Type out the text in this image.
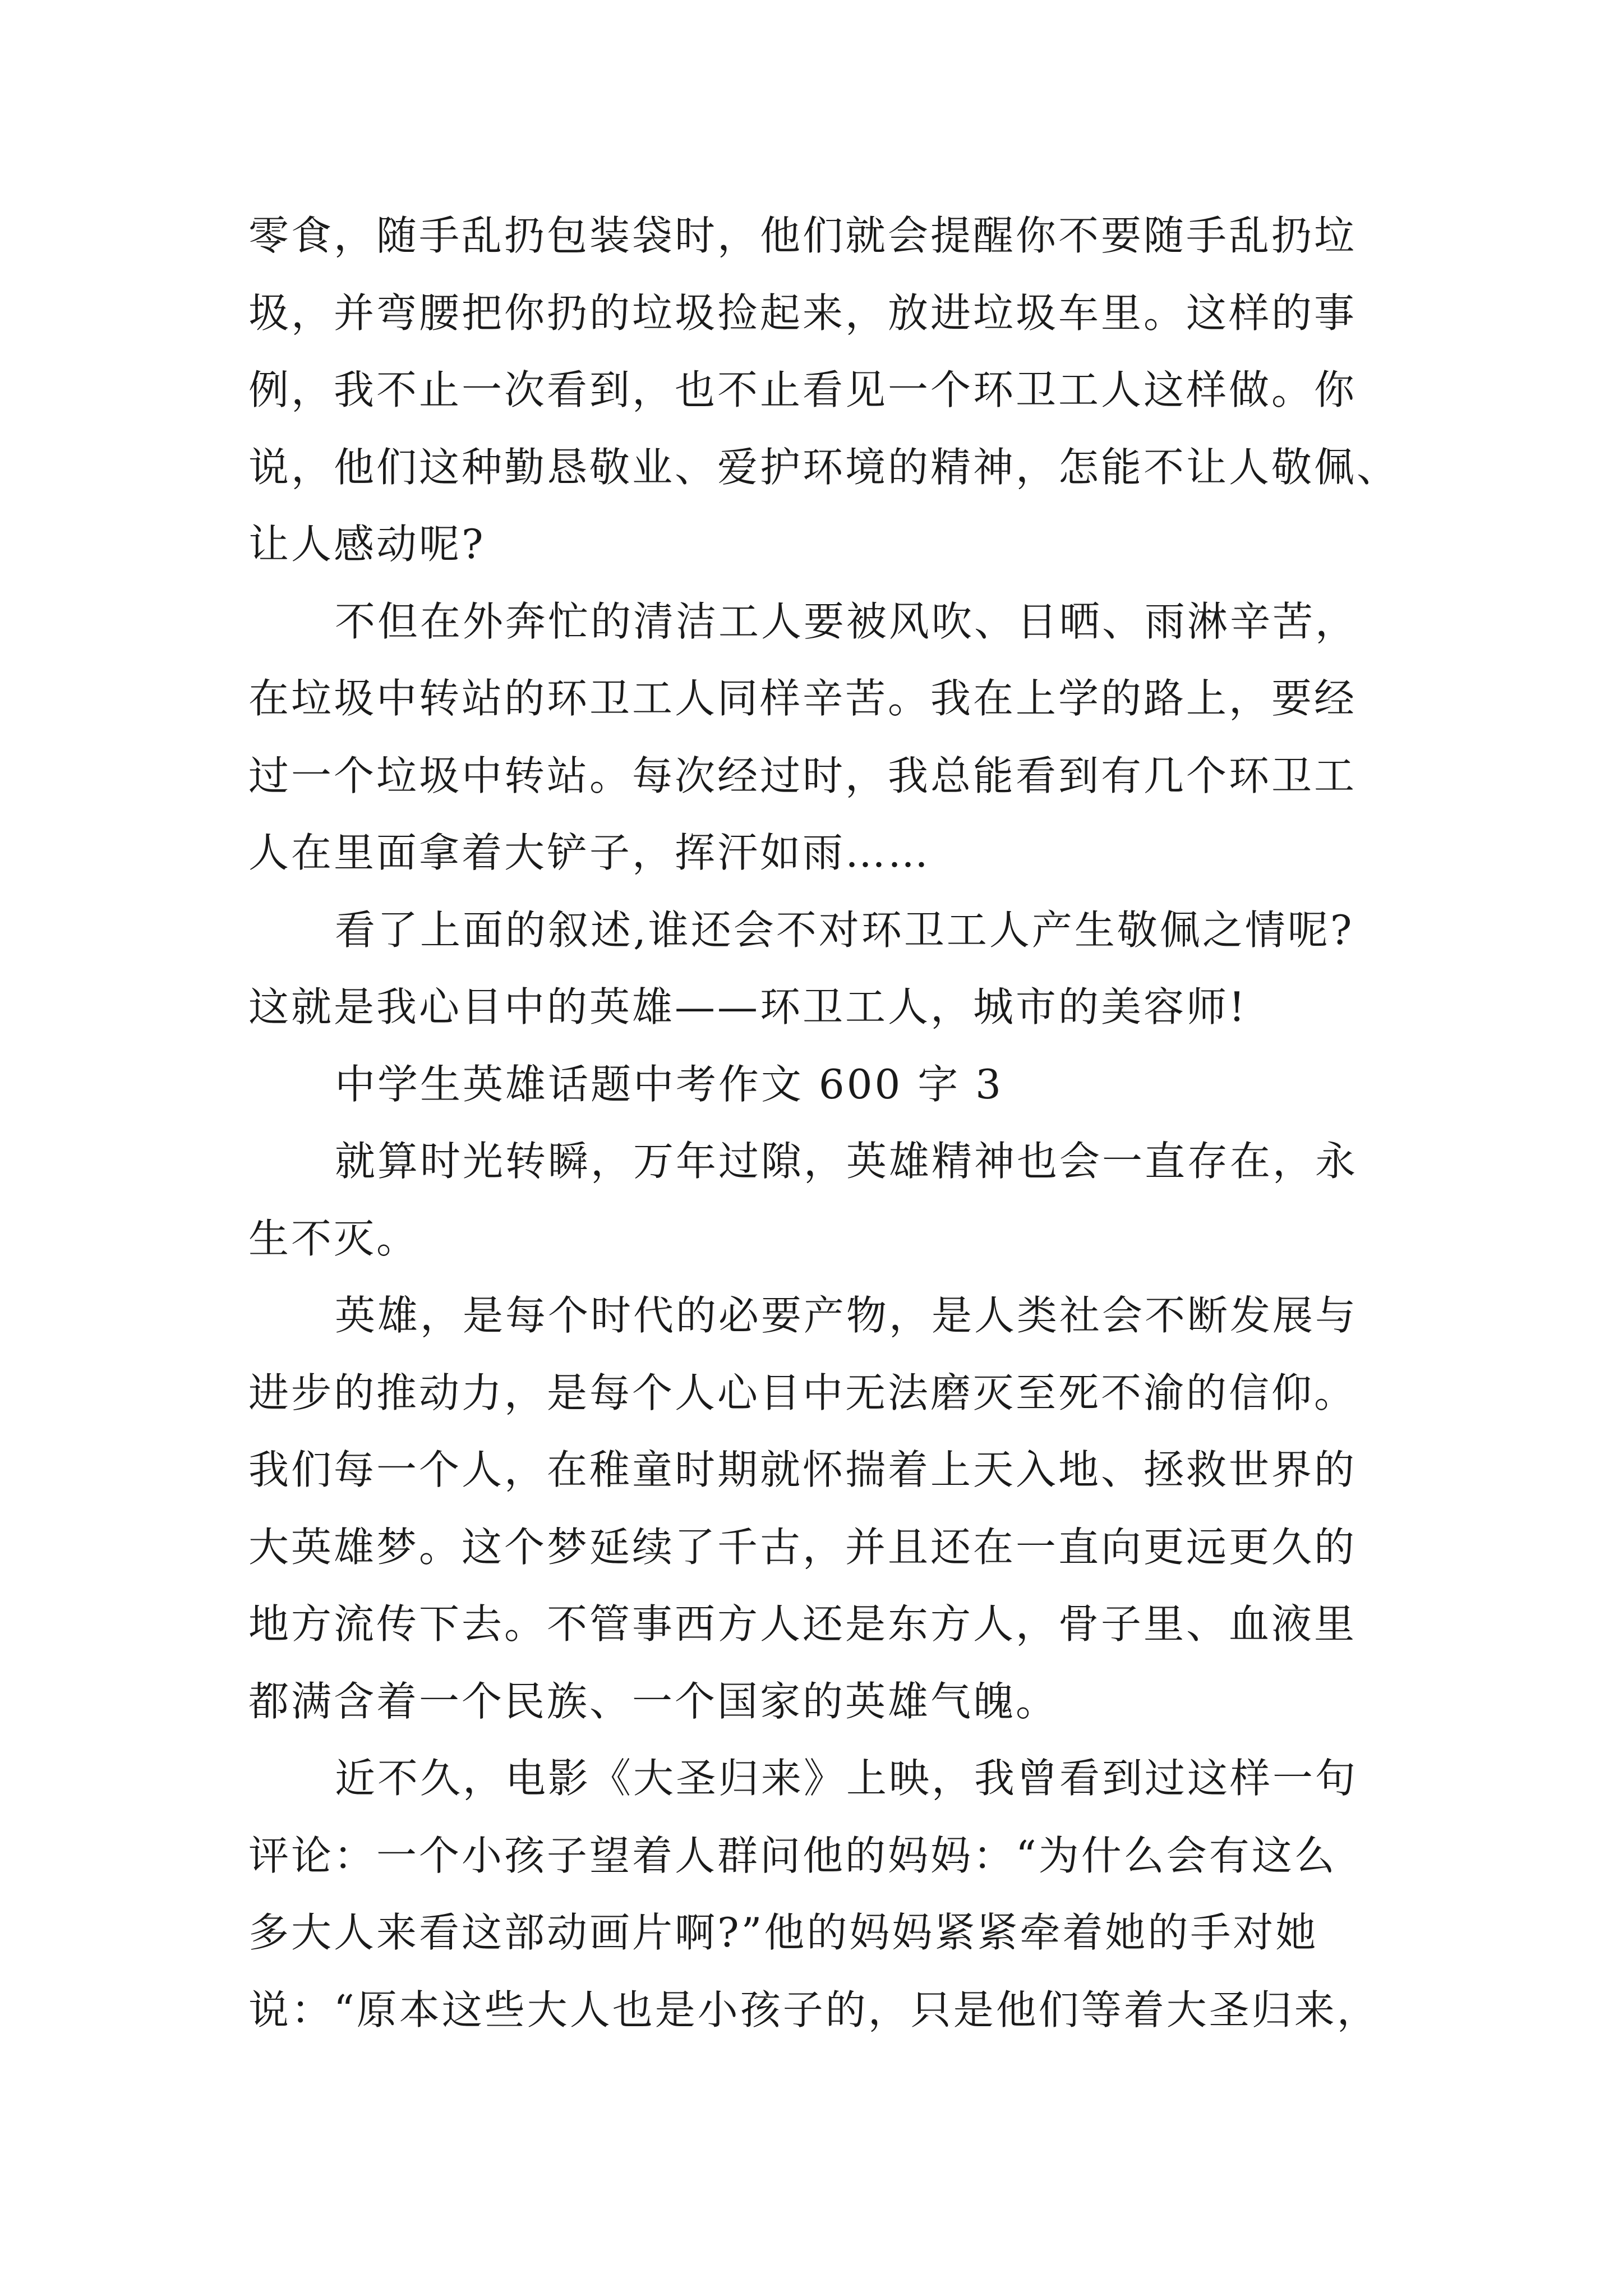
零食，随手乱扔包装袋时，他们就会提醒你不要随手乱扔垃
圾，并弯腰把你扔的垃圾捡起来，放进垃圾车里。这样的事
例，我不止一次看到，也不止看见一个环卫工人这样做。你
说，他们这种勤恳敬业、爱护环境的精神，怎能不让人敬佩、
让人感动呢?
不但在外奔忙的清洁工人要被风吹、日晒、雨淋辛苦，
在垃圾中转站的环卫工人同样辛苦。我在上学的路上，要经
过一个垃圾中转站。每次经过时，我总能看到有几个环卫工
人在里面拿着大铲子，挥汗如雨……
看了上面的叙述,谁还会不对环卫工人产生敬佩之情呢?
这就是我心目中的英雄——环卫工人，城市的美容师!
中学生英雄话题中考作文 600 字 3
就算时光转瞬，万年过隙，英雄精神也会一直存在，永
生不灭。
英雄，是每个时代的必要产物，是人类社会不断发展与
进步的推动力，是每个人心目中无法磨灭至死不渝的信仰。
我们每一个人，在稚童时期就怀揣着上天入地、拯救世界的
大英雄梦。这个梦延续了千古，并且还在一直向更远更久的
地方流传下去。不管事西方人还是东方人，骨子里、血液里
都满含着一个民族、一个国家的英雄气魄。
近不久，电影《大圣归来》上映，我曾看到过这样一句
评论：一个小孩子望着人群问他的妈妈：“为什么会有这么
多大人来看这部动画片啊?”他的妈妈紧紧牵着她的手对她
说：“原本这些大人也是小孩子的，只是他们等着大圣归来，
